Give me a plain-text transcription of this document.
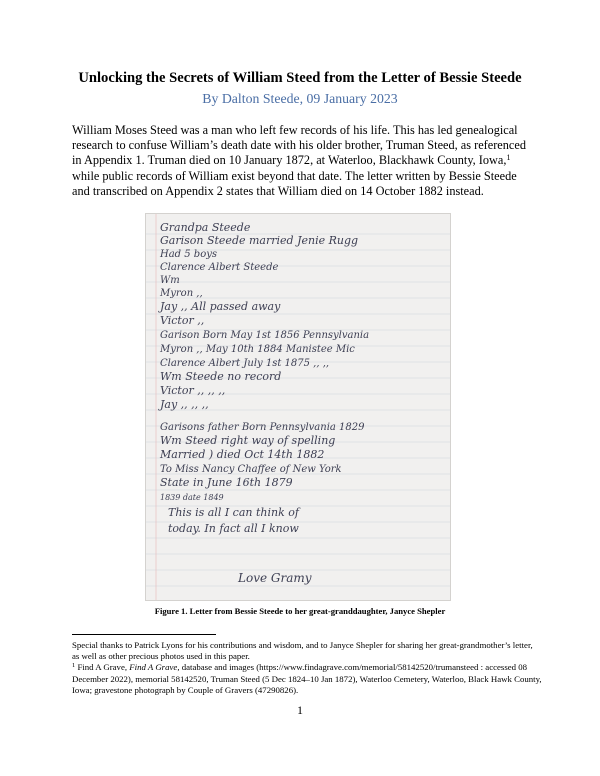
Unlocking the Secrets of William Steed from the Letter of Bessie Steede
By Dalton Steede, 09 January 2023
William Moses Steed was a man who left few records of his life. This has led genealogical research to confuse William’s death date with his older brother, Truman Steed, as referenced in Appendix 1. Truman died on 10 January 1872, at Waterloo, Blackhawk County, Iowa,$^1$ while public records of William exist beyond that date. The letter written by Bessie Steede and transcribed on Appendix 2 states that William died on 14 October 1882 instead.
Grandpa Steede
Garison Steede married Jenie Rugg
Had 5 boys
Clarence Albert Steede
Wm
Myron ,,
Jay ,, All passed away
Victor ,,
Garison Born May 1st 1856 Pennsylvania
Myron ,, May 10th 1884 Manistee Mic
Clarence Albert July 1st 1875 ,, ,,
Wm Steede no record
Victor ,, ,, ,,
Jay ,, ,, ,,
Garisons father Born Pennsylvania 1829
Wm Steed right way of spelling
Married ) died Oct 14th 1882
To Miss Nancy Chaffee of New York
State in June 16th 1879
1839 date 1849
This is all I can think of
today. In fact all I know
Love Gramy
Figure 1. Letter from Bessie Steede to her great-granddaughter, Janyce Shepler

Special thanks to Patrick Lyons for his contributions and wisdom, and to Janyce Shepler for sharing her great-grandmother’s letter, as well as other precious photos used in this paper.

$^1$ Find A Grave, Find A Grave, database and images (https://www.findagrave.com/memorial/58142520/trumansteed : accessed 08 December 2022), memorial 58142520, Truman Steed (5 Dec 1824–10 Jan 1872), Waterloo Cemetery, Waterloo, Black Hawk County, Iowa; gravestone photograph by Couple of Gravers (47290826).

1
